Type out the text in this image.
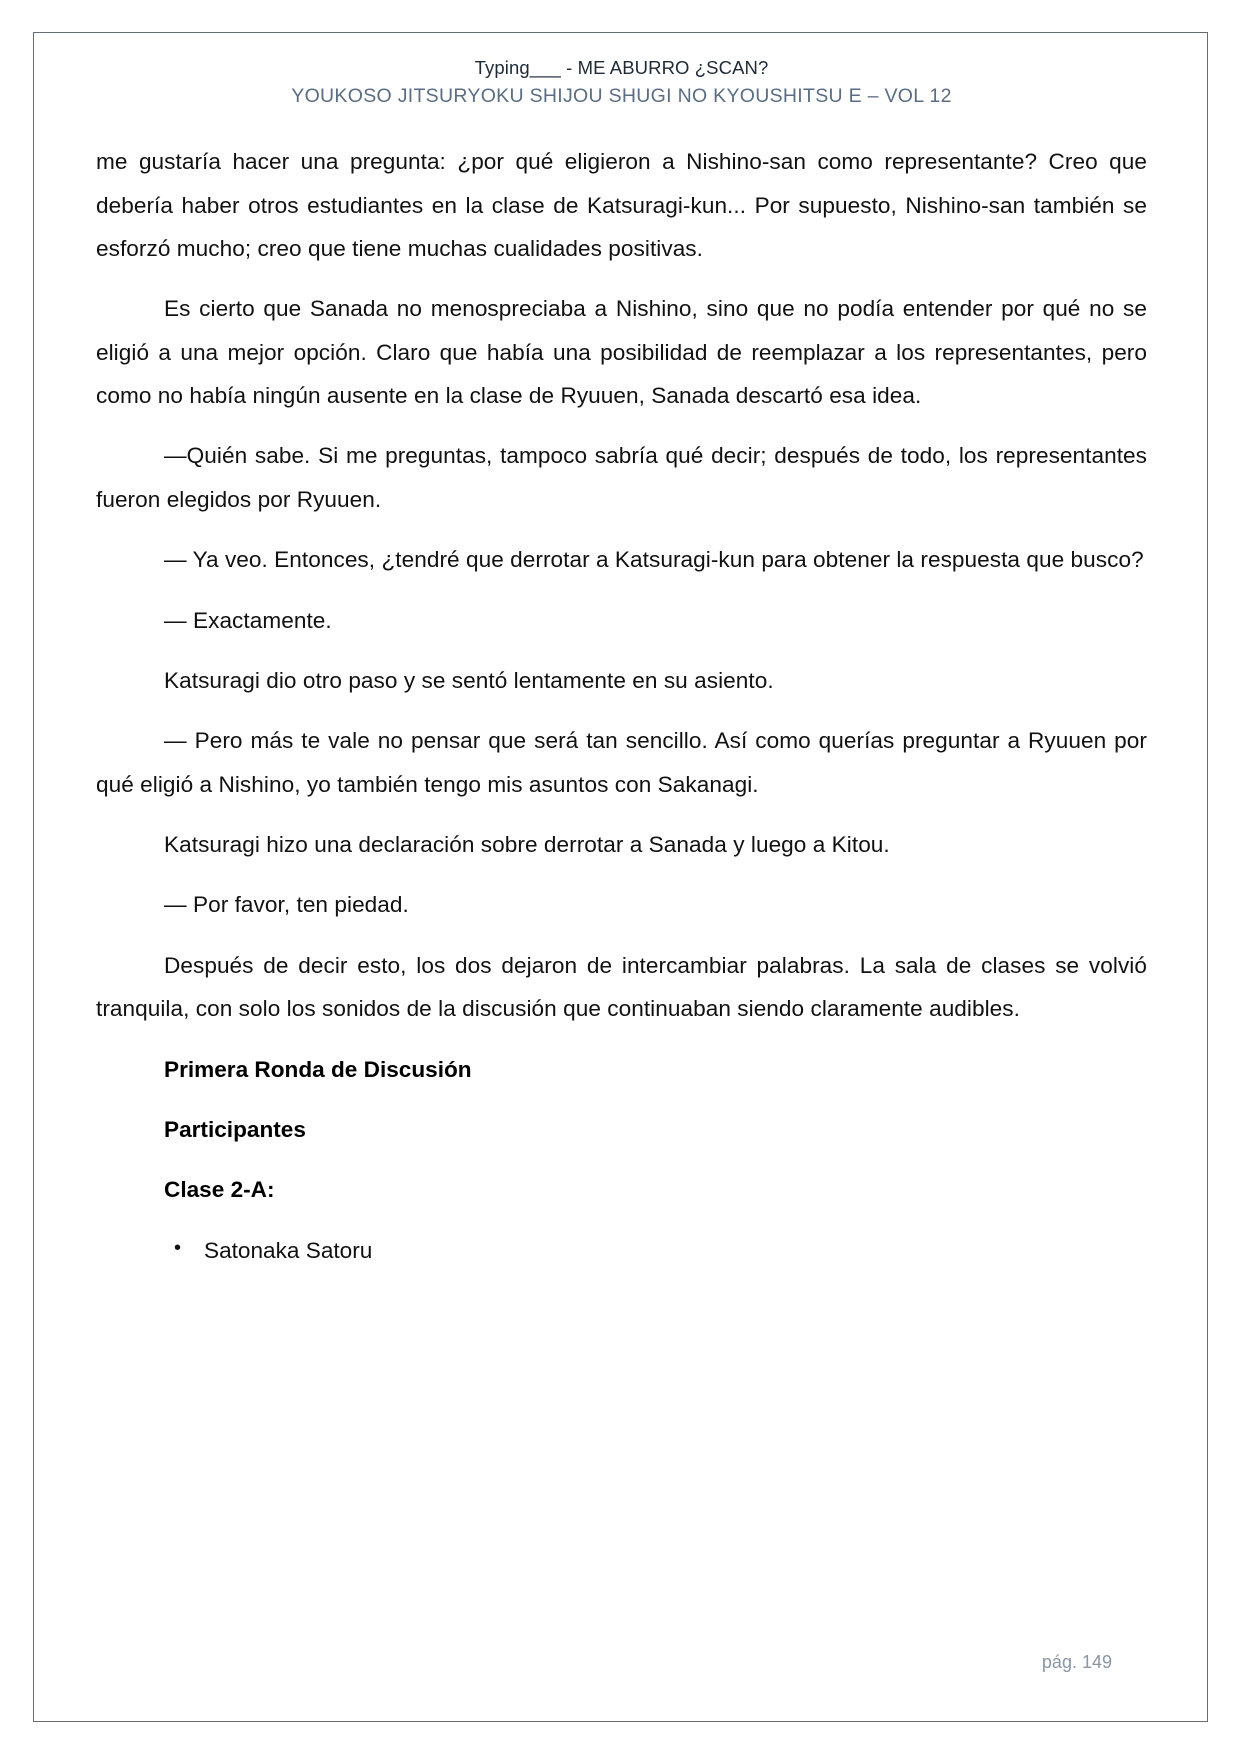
Typing___ - ME ABURRO ¿SCAN?
YOUKOSO JITSURYOKU SHIJOU SHUGI NO KYOUSHITSU E – VOL 12

me gustaría hacer una pregunta: ¿por qué eligieron a Nishino-san como representante? Creo que debería haber otros estudiantes en la clase de Katsuragi-kun... Por supuesto, Nishino-san también se esforzó mucho; creo que tiene muchas cualidades positivas.

Es cierto que Sanada no menospreciaba a Nishino, sino que no podía entender por qué no se eligió a una mejor opción. Claro que había una posibilidad de reemplazar a los representantes, pero como no había ningún ausente en la clase de Ryuuen, Sanada descartó esa idea.

—Quién sabe. Si me preguntas, tampoco sabría qué decir; después de todo, los representantes fueron elegidos por Ryuuen.

— Ya veo. Entonces, ¿tendré que derrotar a Katsuragi-kun para obtener la respuesta que busco?

— Exactamente.

Katsuragi dio otro paso y se sentó lentamente en su asiento.

— Pero más te vale no pensar que será tan sencillo. Así como querías preguntar a Ryuuen por qué eligió a Nishino, yo también tengo mis asuntos con Sakanagi.

Katsuragi hizo una declaración sobre derrotar a Sanada y luego a Kitou.

— Por favor, ten piedad.

Después de decir esto, los dos dejaron de intercambiar palabras. La sala de clases se volvió tranquila, con solo los sonidos de la discusión que continuaban siendo claramente audibles.

Primera Ronda de Discusión

Participantes

Clase 2-A:

• Satonaka Satoru
pág. 149
